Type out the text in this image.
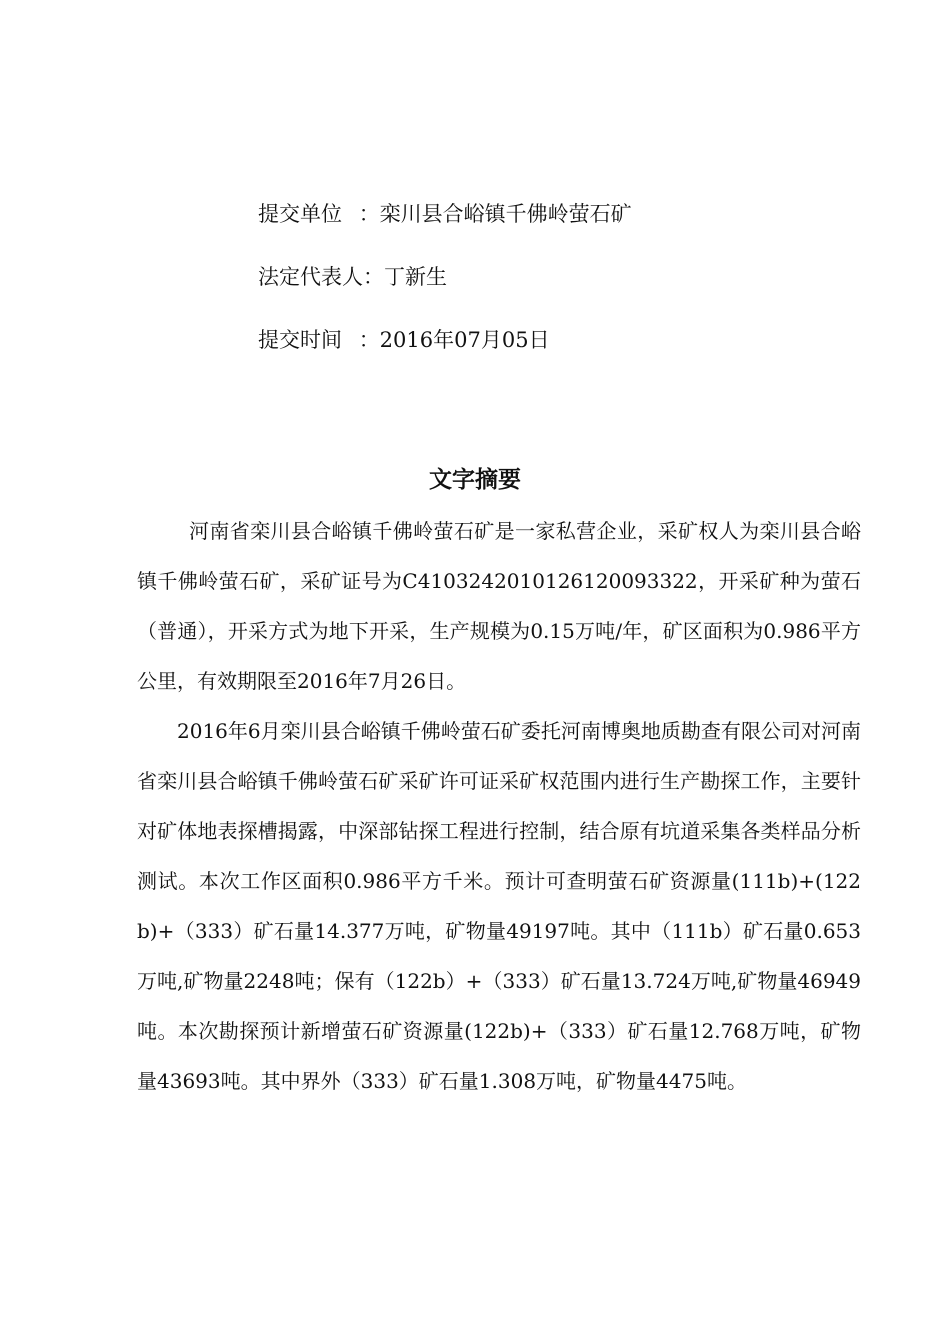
提交单位 ：栾川县合峪镇千佛岭萤石矿
法定代表人：丁新生
提交时间 ：2016年07月05日
文字摘要

河南省栾川县合峪镇千佛岭萤石矿是一家私营企业，采矿权人为栾川县合峪镇千佛岭萤石矿，采矿证号为C4103242010126120093322，开采矿种为萤石（普通），开采方式为地下开采，生产规模为0.15万吨/年，矿区面积为0.986平方公里，有效期限至2016年7月26日。

2016年6月栾川县合峪镇千佛岭萤石矿委托河南博奥地质勘查有限公司对河南省栾川县合峪镇千佛岭萤石矿采矿许可证采矿权范围内进行生产勘探工作，主要针对矿体地表探槽揭露，中深部钻探工程进行控制，结合原有坑道采集各类样品分析测试。本次工作区面积0.986平方千米。预计可查明萤石矿资源量(111b)+(122b)+（333）矿石量14.377万吨，矿物量49197吨。其中（111b）矿石量0.653万吨,矿物量2248吨；保有（122b）+（333）矿石量13.724万吨,矿物量46949吨。本次勘探预计新增萤石矿资源量(122b)+（333）矿石量12.768万吨，矿物量43693吨。其中界外（333）矿石量1.308万吨，矿物量4475吨。
